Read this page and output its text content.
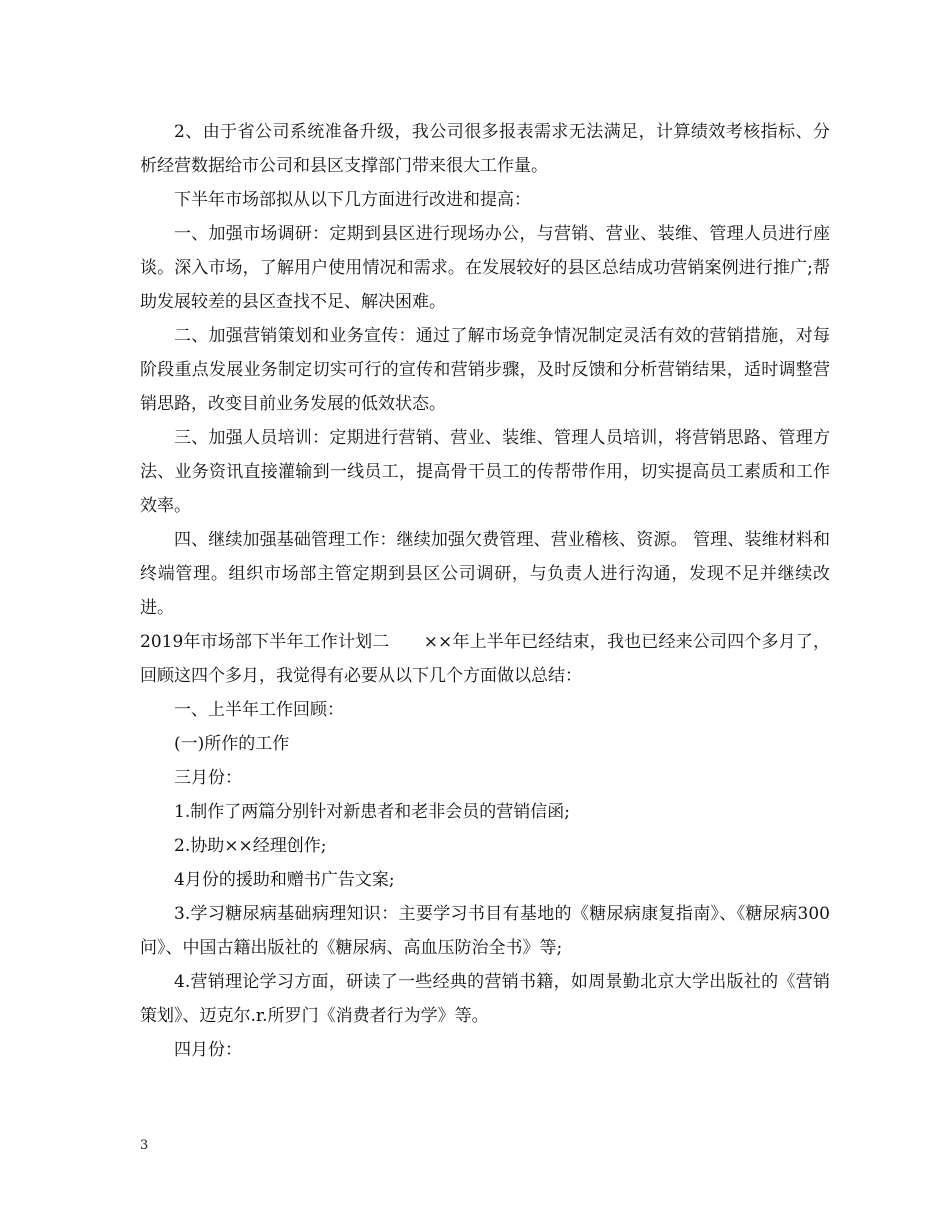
2、由于省公司系统准备升级，我公司很多报表需求无法满足，计算绩效考核指标、分析经营数据给市公司和县区支撑部门带来很大工作量。

下半年市场部拟从以下几方面进行改进和提高：

一、加强市场调研：定期到县区进行现场办公，与营销、营业、装维、管理人员进行座谈。深入市场，了解用户使用情况和需求。在发展较好的县区总结成功营销案例进行推广;帮助发展较差的县区查找不足、解决困难。

二、加强营销策划和业务宣传：通过了解市场竞争情况制定灵活有效的营销措施，对每阶段重点发展业务制定切实可行的宣传和营销步骤，及时反馈和分析营销结果，适时调整营销思路，改变目前业务发展的低效状态。

三、加强人员培训：定期进行营销、营业、装维、管理人员培训，将营销思路、管理方法、业务资讯直接灌输到一线员工，提高骨干员工的传帮带作用，切实提高员工素质和工作效率。

四、继续加强基础管理工作：继续加强欠费管理、营业稽核、资源。 管理、装维材料和终端管理。组织市场部主管定期到县区公司调研，与负责人进行沟通，发现不足并继续改进。

2019年市场部下半年工作计划二　　××年上半年已经结束，我也已经来公司四个多月了，回顾这四个多月，我觉得有必要从以下几个方面做以总结：

一、上半年工作回顾：

(一)所作的工作

三月份：

1.制作了两篇分别针对新患者和老非会员的营销信函;

2.协助××经理创作;

4月份的援助和赠书广告文案;

3.学习糖尿病基础病理知识：主要学习书目有基地的《糖尿病康复指南》、《糖尿病300问》、中国古籍出版社的《糖尿病、高血压防治全书》等;

4.营销理论学习方面，研读了一些经典的营销书籍，如周景勤北京大学出版社的《营销策划》、迈克尔.r.所罗门《消费者行为学》等。

四月份：

3
